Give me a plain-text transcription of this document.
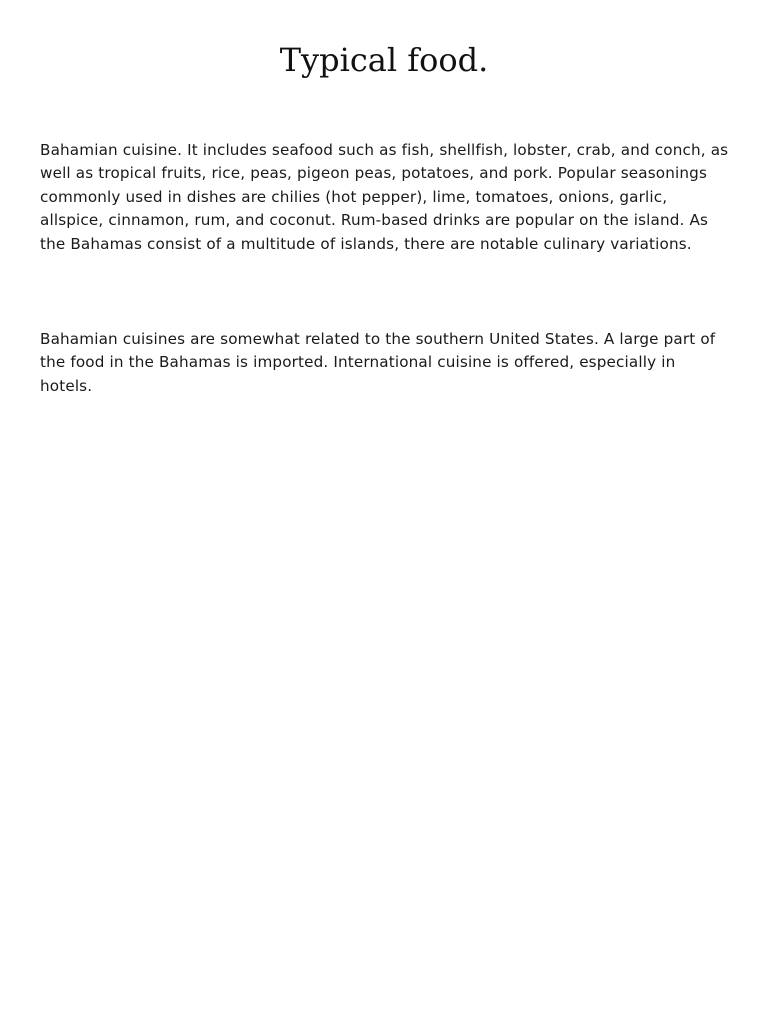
Typical food.

Bahamian cuisine. It includes seafood such as fish, shellfish, lobster, crab, and conch, as well as tropical fruits, rice, peas, pigeon peas, potatoes, and pork. Popular seasonings commonly used in dishes are chilies (hot pepper), lime, tomatoes, onions, garlic, allspice, cinnamon, rum, and coconut. Rum-based drinks are popular on the island. As the Bahamas consist of a multitude of islands, there are notable culinary variations.

Bahamian cuisines are somewhat related to the southern United States. A large part of the food in the Bahamas is imported. International cuisine is offered, especially in hotels.
